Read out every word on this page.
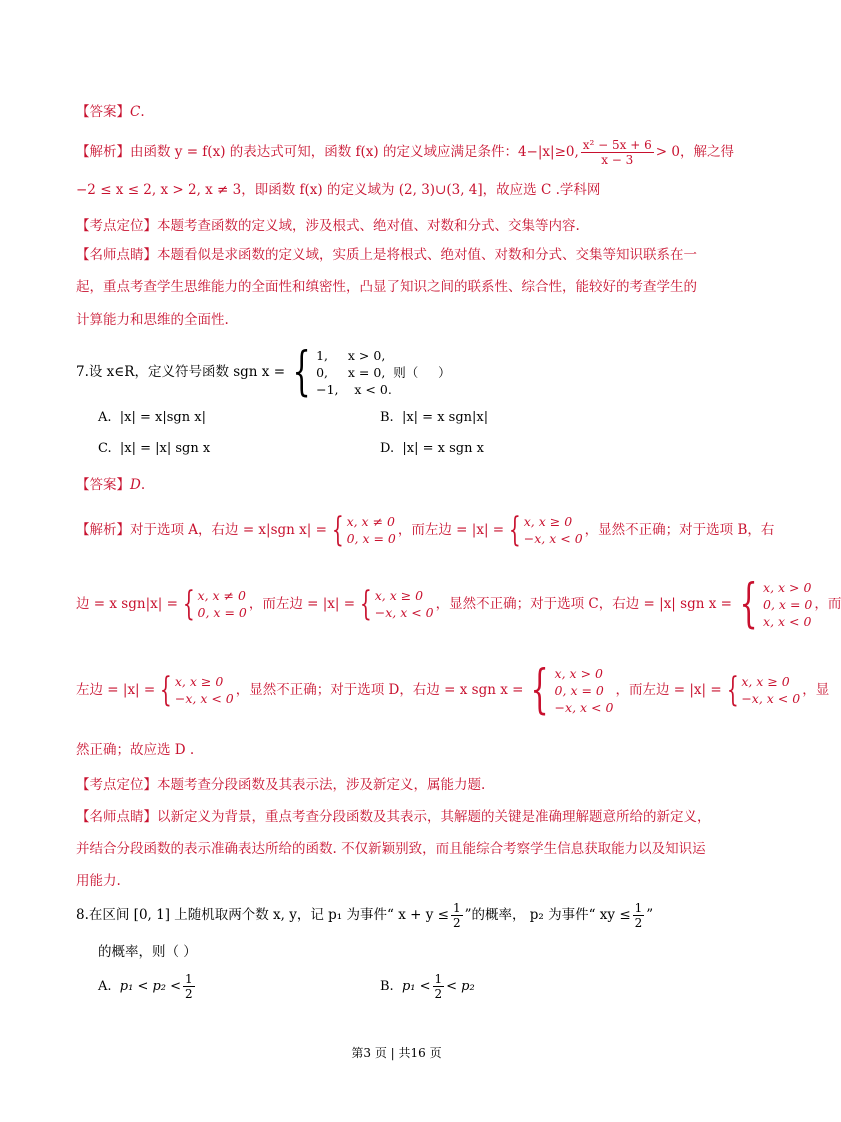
【答案】C.
【解析】由函数 y = f(x) 的表达式可知，函数 f(x) 的定义域应满足条件：4−|x|≥0, $\frac{\text{x² − 5x + 6}}{x - 3} > 0$，解之得
−2 ≤ x ≤ 2, x > 2, x ≠ 3，即函数 f(x) 的定义域为 (2, 3)∪(3, 4]，故应选 C .学科网
【考点定位】本题考查函数的定义域，涉及根式、绝对值、对数和分式、交集等内容.
【名师点睛】本题看似是求函数的定义域，实质上是将根式、绝对值、对数和分式、交集等知识联系在一
起，重点考查学生思维能力的全面性和缜密性，凸显了知识之间的联系性、综合性，能较好的考查学生的
计算能力和思维的全面性.
7.设 x∈R，定义符号函数 sgn x = { 1,     x > 0,
0,     x = 0,  则（     ）
−1,    x < 0.
A. |x| = x|sgn x|	B. |x| = x sgn|x|
C. |x| = |x| sgn x	D. |x| = x sgn x
【答案】D.
【解析】 对于选项 A，右边 = x|sgn x| = { x, x ≠ 0
0, x = 0
，而左边 = |x| = { x, x ≥ 0
−x, x < 0
，显然不正确；对于选项 B，右
边 = x sgn|x| = { x, x ≠ 0
0, x = 0
，而左边 = |x| = { x, x ≥ 0
−x, x < 0
，显然不正确；对于选项 C，右边 = |x| sgn x = { x, x > 0
0, x = 0
x, x < 0
，而
左边 = |x| = { x, x ≥ 0
−x, x < 0
，显然不正确；对于选项 D，右边 = x sgn x = { x, x > 0
0, x = 0
−x, x < 0
，而左边 = |x| = { x, x ≥ 0
−x, x < 0
，显
然正确；故应选 D .
【考点定位】本题考查分段函数及其表示法，涉及新定义，属能力题.
【名师点睛】以新定义为背景，重点考查分段函数及其表示，其解题的关键是准确理解题意所给的新定义，
并结合分段函数的表示准确表达所给的函数. 不仅新颖别致，而且能综合考察学生信息获取能力以及知识运
用能力.
8.在区间 [0, 1] 上随机取两个数 x, y，记 p₁ 为事件“ $x + y \le \frac{1}{2}$ ”的概率， p₂ 为事件“ xy ≤ $\frac{1}{2}$ ”
的概率，则（ ）
A.
$p_1 < p_2 < \frac{1}{2}$	B.
$p_1 < \frac{1}{2} < p_2$
第3 页 | 共16 页
